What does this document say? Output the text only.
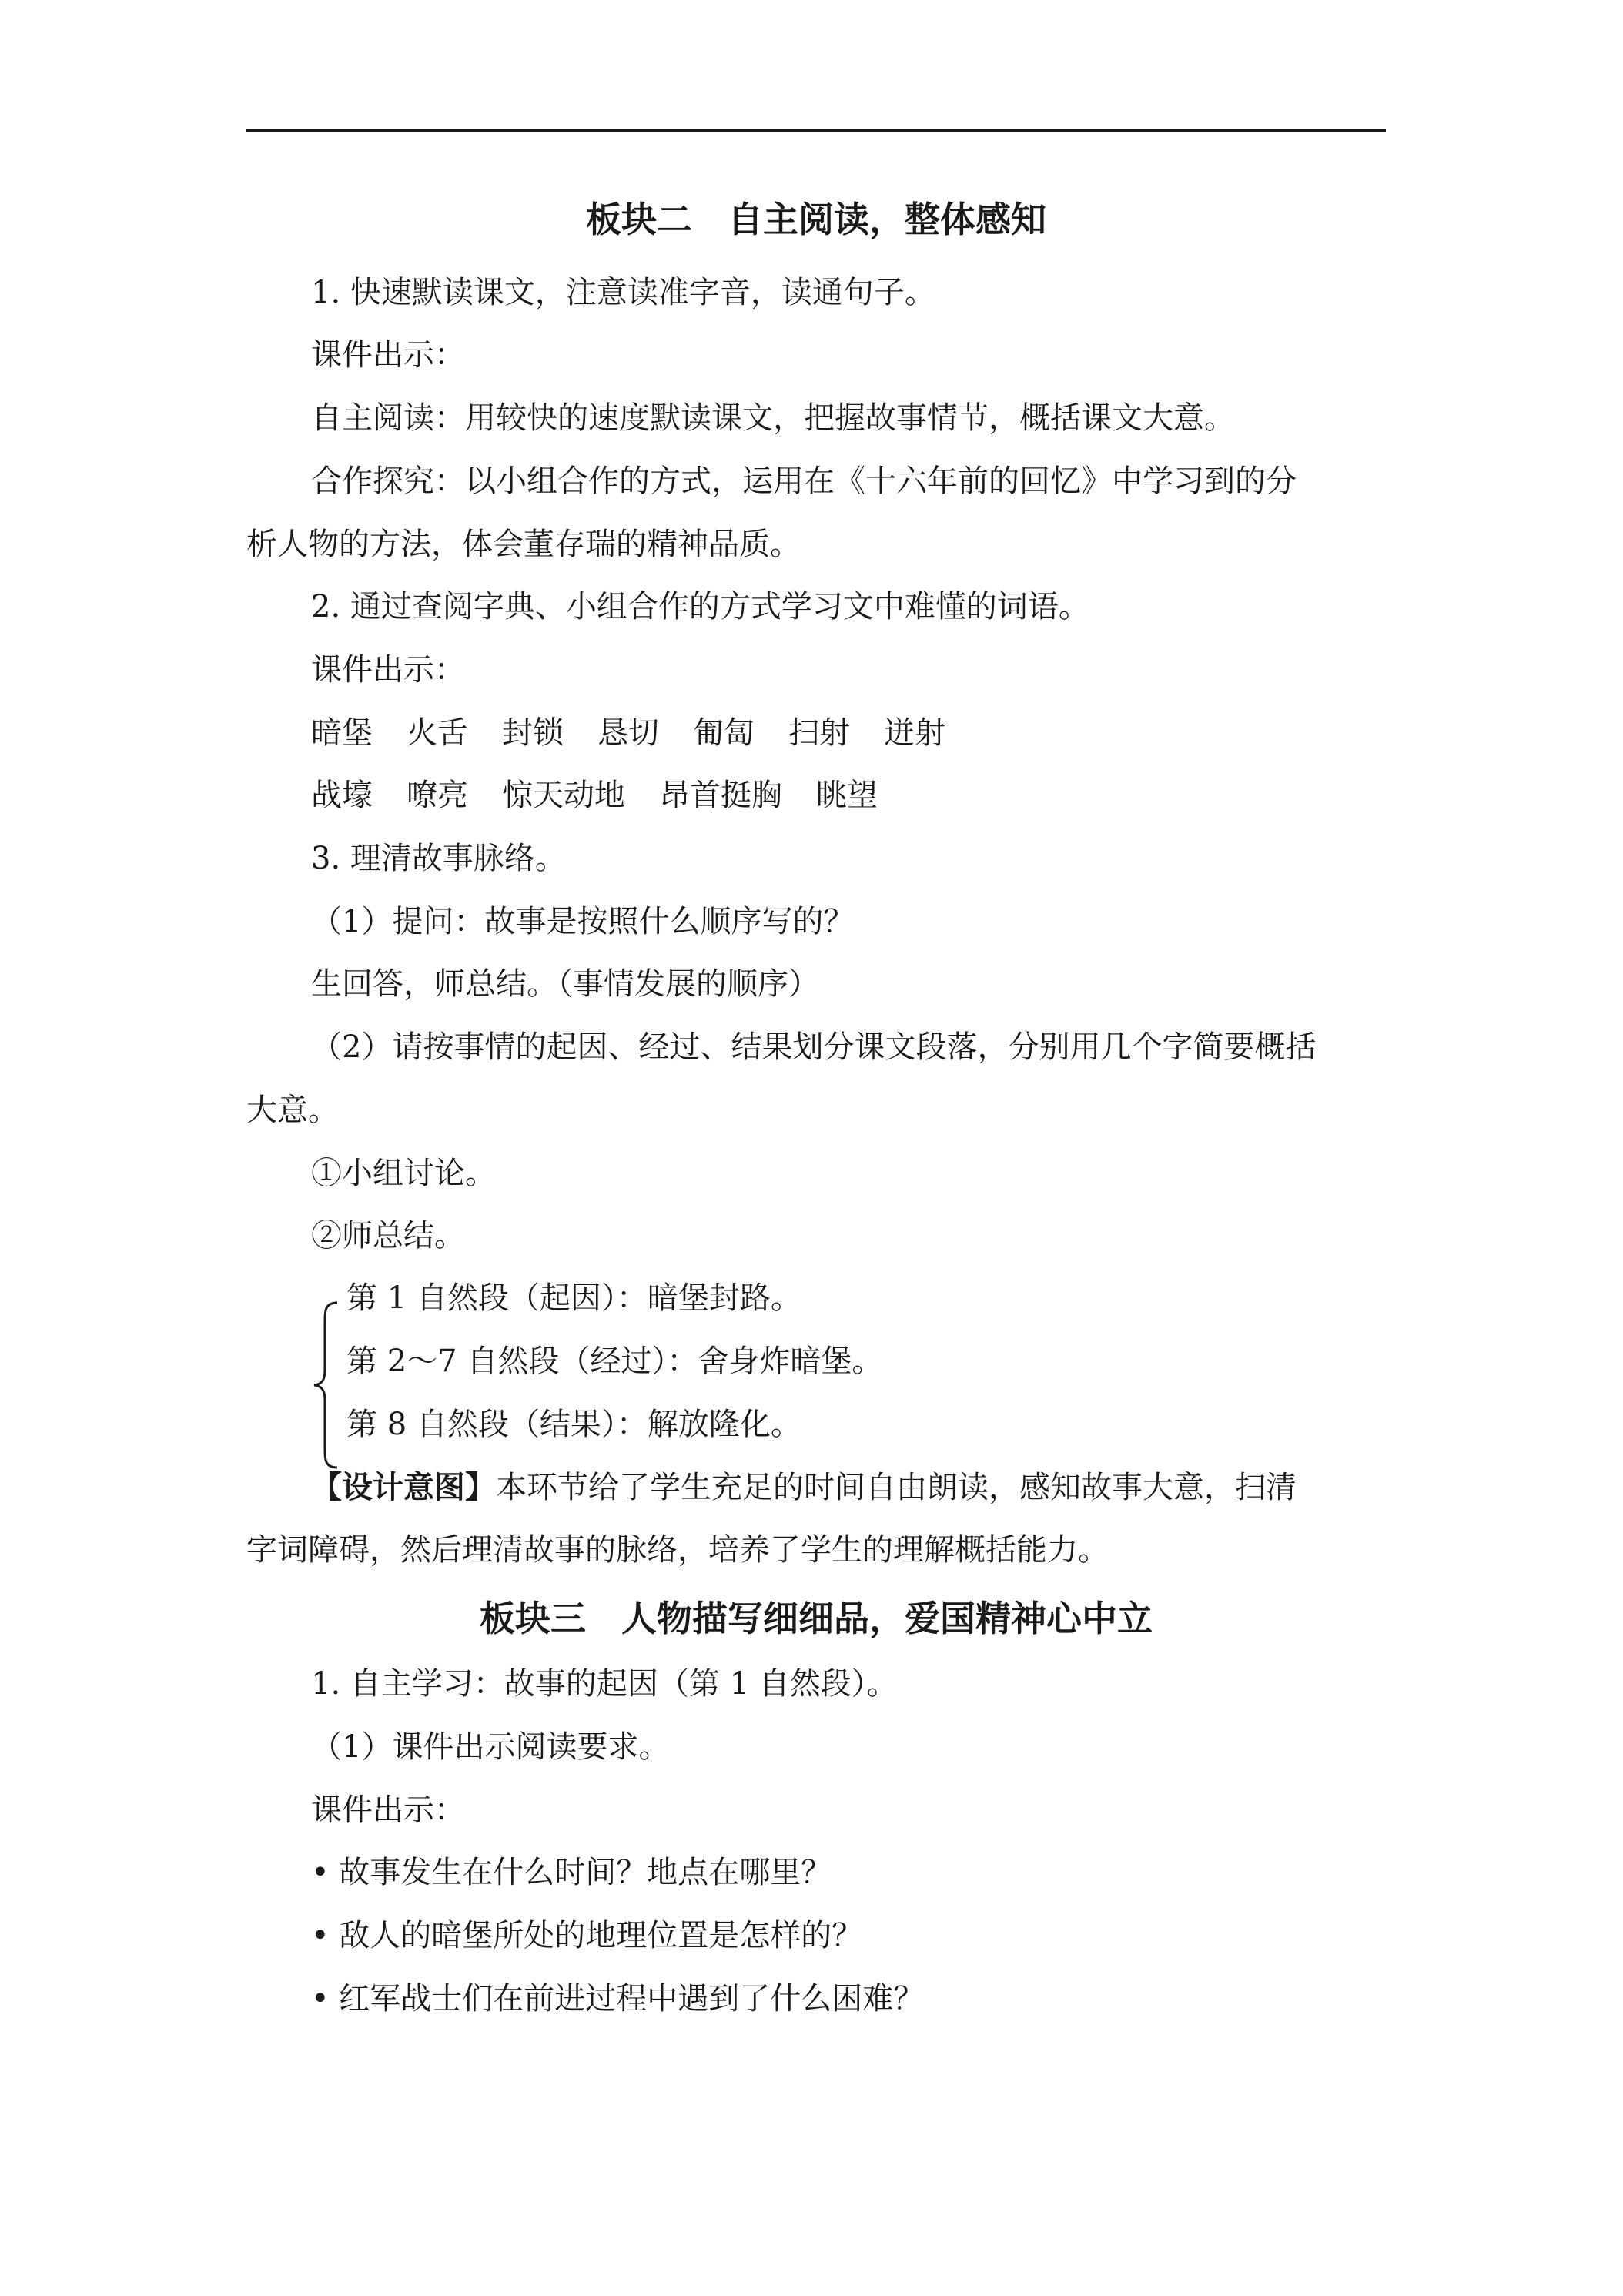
板块二　自主阅读，整体感知
1. 快速默读课文，注意读准字音，读通句子。
课件出示：
自主阅读：用较快的速度默读课文，把握故事情节，概括课文大意。
合作探究：以小组合作的方式，运用在《十六年前的回忆》中学习到的分
析人物的方法，体会董存瑞的精神品质。
2. 通过查阅字典、小组合作的方式学习文中难懂的词语。
课件出示：
暗堡 火舌 封锁 恳切 匍匐 扫射 迸射
战壕 嘹亮 惊天动地 昂首挺胸 眺望
3. 理清故事脉络。
（1）提问：故事是按照什么顺序写的？
生回答，师总结。（事情发展的顺序）
（2）请按事情的起因、经过、结果划分课文段落，分别用几个字简要概括
大意。
①小组讨论。
②师总结。
第 1 自然段（起因）：暗堡封路。
第 2～7 自然段（经过）：舍身炸暗堡。
第 8 自然段（结果）：解放隆化。
【设计意图】本环节给了学生充足的时间自由朗读，感知故事大意，扫清
字词障碍，然后理清故事的脉络，培养了学生的理解概括能力。
板块三　人物描写细细品，爱国精神心中立
1. 自主学习：故事的起因（第 1 自然段）。
（1）课件出示阅读要求。
课件出示：
• 故事发生在什么时间？地点在哪里？
• 敌人的暗堡所处的地理位置是怎样的？
• 红军战士们在前进过程中遇到了什么困难？
